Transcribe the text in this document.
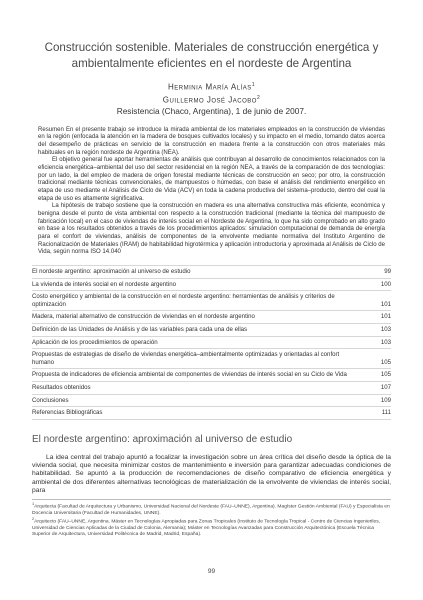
Construcción sostenible. Materiales de construcción energética y ambientalmente eficientes en el nordeste de Argentina
Herminia María Alías$^1$
Guillermo José Jacobo$^2$
Resistencia (Chaco, Argentina), 1 de junio de 2007.

Resumen En el presente trabajo se introduce la mirada ambiental de los materiales empleados en la construcción de viviendas en la región (enfocada la atención en la madera de bosques cultivados locales) y su impacto en el medio, tomando datos acerca del desempeño de prácticas en servicio de la construcción en madera frente a la construcción con otros materiales más habituales en la región nordeste de Argentina (NEA).

El objetivo general fue aportar herramientas de análisis que contribuyan al desarrollo de conocimientos relacionados con la eficiencia energética–ambiental del uso del sector residencial en la región NEA, a través de la comparación de dos tecnologías: por un lado, la del empleo de madera de origen forestal mediante técnicas de construcción en seco; por otro, la construcción tradicional mediante técnicas convencionales, de mampuestos o húmedas, con base el análisis del rendimiento energético en etapa de uso mediante el Análisis de Ciclo de Vida (ACV) en toda la cadena productiva del sistema–producto, dentro del cual la etapa de uso es altamente significativa.

La hipótesis de trabajo sostiene que la construcción en madera es una alternativa constructiva más eficiente, económica y benigna desde el punto de vista ambiental con respecto a la construcción tradicional (mediante la técnica del mampuesto de fabricación local) en el caso de viviendas de interés social en el Nordeste de Argentina, lo que ha sido comprobado en alto grado en base a los resultados obtenidos a través de los procedimientos aplicados: simulación computacional de demanda de energía para el confort de viviendas, análisis de componentes de la envolvente mediante normativa del Instituto Argentino de Racionalización de Materiales (IRAM) de habitabilidad higrotérmica y aplicación introductoria y aproximada al Análisis de Ciclo de Vida, según norma ISO 14.040

El nordeste argentino: aproximación al universo de estudio	99
La vivienda de interés social en el nordeste argentino	100
Costo energético y ambiental de la construcción en el nordeste argentino: herramientas de análisis y criterios de optimización	101
Madera, material alternativo de construcción de viviendas en el nordeste argentino	101
Definición de las Unidades de Análisis y de las variables para cada una de ellas	103
Aplicación de los procedimientos de operación	103
Propuestas de estrategias de diseño de viviendas energética–ambientalmente optimizadas y orientadas al confort humano	105
Propuesta de indicadores de eficiencia ambiental de componentes de viviendas de interés social en su Ciclo de Vida	105
Resultados obtenidos	107
Conclusiones	109
Referencias Bibliográficas	111
El nordeste argentino: aproximación al universo de estudio

La idea central del trabajo apuntó a focalizar la investigación sobre un área crítica del diseño desde la óptica de la vivienda social, que necesita minimizar costos de mantenimiento e inversión para garantizar adecuadas condiciones de habitabilidad. Se apuntó a la producción de recomendaciones de diseño comparativo de eficiencia energética y ambiental de dos diferentes alternativas tecnológicas de materialización de la envolvente de viviendas de interés social, para

$^1$Arquitecta (Facultad de Arquitectura y Urbanismo, Universidad Nacional del Nordeste (FAU–UNNE), Argentina). Magíster Gestión Ambiental (FAU) y Especialista en Docencia Universitaria (Facultad de Humanidades, UNNE).

$^2$Arquitecto (FAU–UNNE, Argentina. Máster en Tecnologías Apropiadas para Zonas Tropicales (Instituto de Tecnología Tropical - Centro de Ciencias Ingenieriles, Universidad de Ciencias Aplicadas de la Ciudad de Colonia, Alemania); Máster en Tecnologías Avanzadas para Construcción Arquitectónica (Escuela Técnica Superior de Arquitectura, Universidad Politécnica de Madrid, Madrid, España).

99
